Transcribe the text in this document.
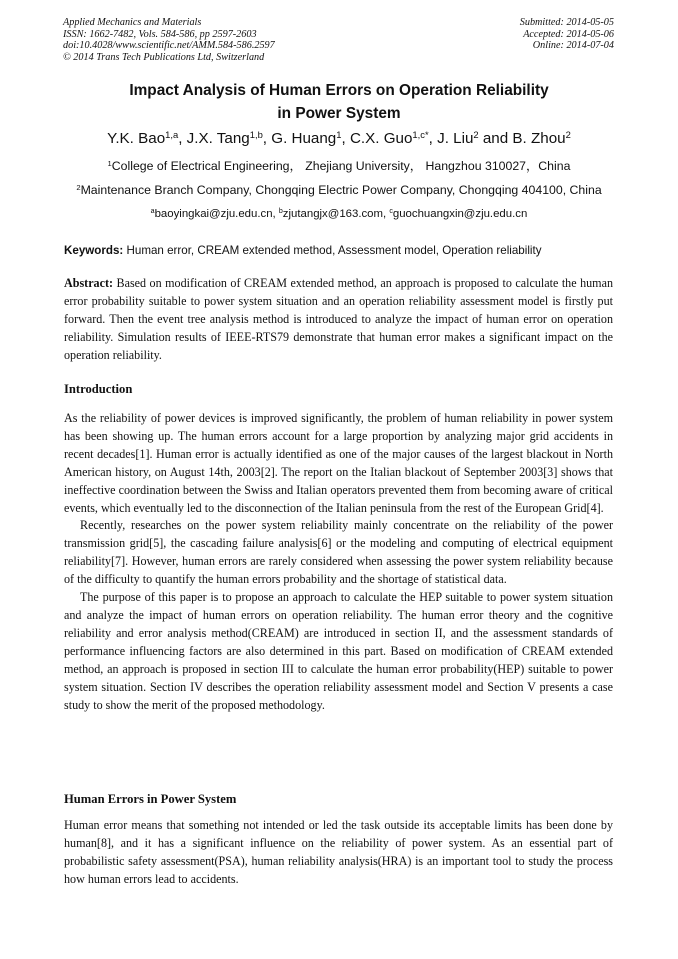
Applied Mechanics and Materials
ISSN: 1662-7482, Vols. 584-586, pp 2597-2603
doi:10.4028/www.scientific.net/AMM.584-586.2597
© 2014 Trans Tech Publications Ltd, Switzerland
Submitted: 2014-05-05
Accepted: 2014-05-06
Online: 2014-07-04
Impact Analysis of Human Errors on Operation Reliability
in Power System
Y.K. Bao$^{1,a}$, J.X. Tang$^{1,b}$, G. Huang$^1$, C.X. Guo$^{1,c*}$, J. Liu$^2$ and B. Zhou$^2$
$^1$College of Electrical Engineering， Zhejiang University， Hangzhou 310027，China
$^2$Maintenance Branch Company, Chongqing Electric Power Company, Chongqing 404100, China
$^a$baoyingkai@zju.edu.cn, $^b$zjutangjx@163.com, $^c$guochuangxin@zju.edu.cn
Keywords: Human error, CREAM extended method, Assessment model, Operation reliability

Abstract: Based on modification of CREAM extended method, an approach is proposed to calculate the human error probability suitable to power system situation and an operation reliability assessment model is firstly put forward. Then the event tree analysis method is introduced to analyze the impact of human error on operation reliability. Simulation results of IEEE-RTS79 demonstrate that human error makes a significant impact on the operation reliability.

Introduction

As the reliability of power devices is improved significantly, the problem of human reliability in power system has been showing up. The human errors account for a large proportion by analyzing major grid accidents in recent decades[1]. Human error is actually identified as one of the major causes of the largest blackout in North American history, on August 14th, 2003[2]. The report on the Italian blackout of September 2003[3] shows that ineffective coordination between the Swiss and Italian operators prevented them from becoming aware of critical events, which eventually led to the disconnection of the Italian peninsula from the rest of the European Grid[4].

Recently, researches on the power system reliability mainly concentrate on the reliability of the power transmission grid[5], the cascading failure analysis[6] or the modeling and computing of electrical equipment reliability[7]. However, human errors are rarely considered when assessing the power system reliability because of the difficulty to quantify the human errors probability and the shortage of statistical data.

The purpose of this paper is to propose an approach to calculate the HEP suitable to power system situation and analyze the impact of human errors on operation reliability. The human error theory and the cognitive reliability and error analysis method(CREAM) are introduced in section II, and the assessment standards of performance influencing factors are also determined in this part. Based on modification of CREAM extended method, an approach is proposed in section III to calculate the human error probability(HEP) suitable to power system situation. Section IV describes the operation reliability assessment model and Section V presents a case study to show the merit of the proposed methodology.

Human Errors in Power System

Human error means that something not intended or led the task outside its acceptable limits has been done by human[8], and it has a significant influence on the reliability of power system. As an essential part of probabilistic safety assessment(PSA), human reliability analysis(HRA) is an important tool to study the process how human errors lead to accidents.
